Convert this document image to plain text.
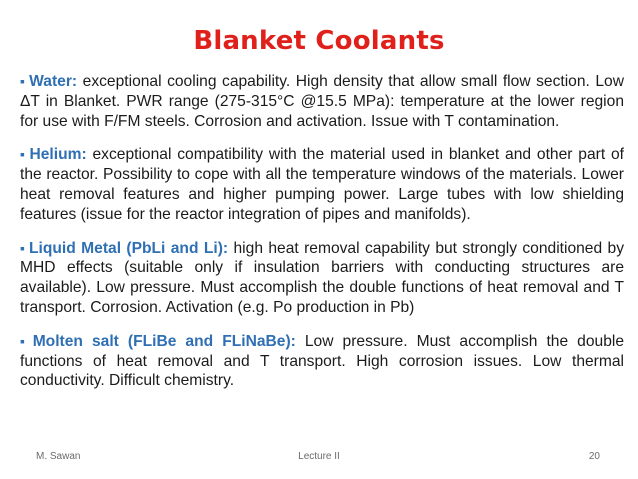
Blanket Coolants
▪ Water: exceptional cooling capability. High density that allow small flow section. Low ΔT in Blanket. PWR range (275-315°C @15.5 MPa): temperature at the lower region for use with F/FM steels. Corrosion and activation. Issue with T contamination.
▪ Helium: exceptional compatibility with the material used in blanket and other part of the reactor. Possibility to cope with all the temperature windows of the materials. Lower heat removal features and higher pumping power. Large tubes with low shielding features (issue for the reactor integration of pipes and manifolds).
▪ Liquid Metal (PbLi and Li): high heat removal capability but strongly conditioned by MHD effects (suitable only if insulation barriers with conducting structures are available). Low pressure. Must accomplish the double functions of heat removal and T transport. Corrosion. Activation (e.g. Po production in Pb)
▪ Molten salt (FLiBe and FLiNaBe): Low pressure. Must accomplish the double functions of heat removal and T transport. High corrosion issues. Low thermal conductivity. Difficult chemistry.
M. Sawan	Lecture II	20
